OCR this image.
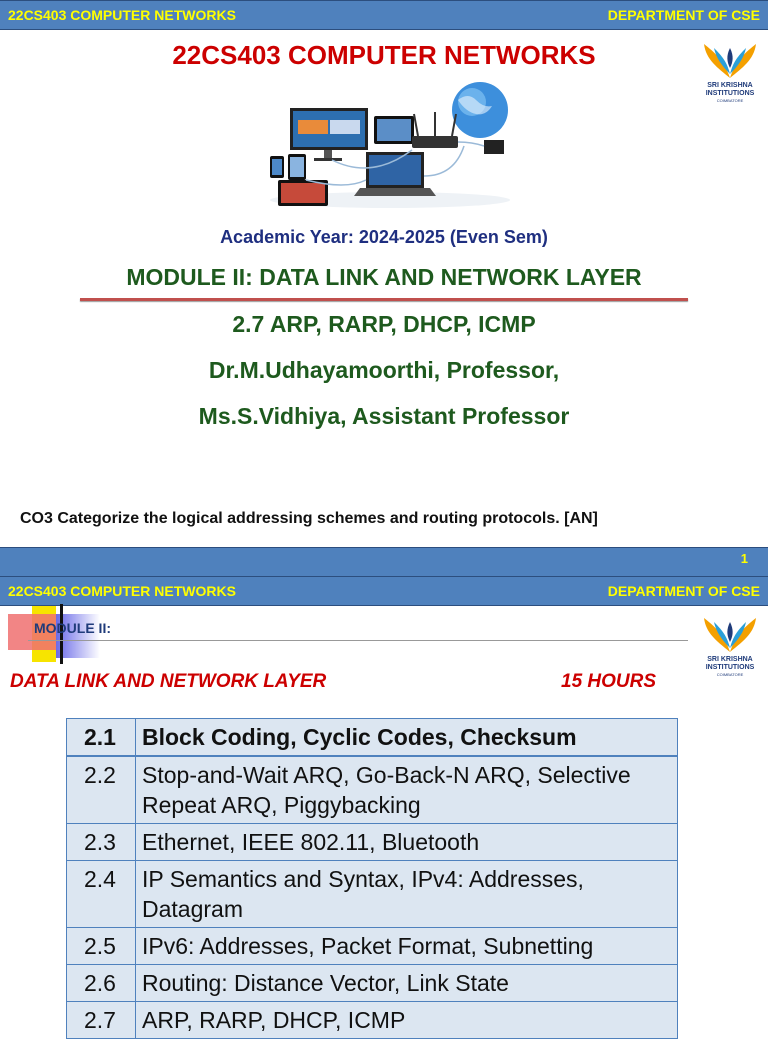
22CS403 COMPUTER NETWORKS	DEPARTMENT OF CSE
22CS403 COMPUTER NETWORKS
SRI KRISHNA
INSTITUTIONS
COIMBATORE
Academic Year: 2024-2025 (Even Sem)
MODULE II: DATA LINK AND NETWORK LAYER
2.7 ARP, RARP, DHCP, ICMP
Dr.M.Udhayamoorthi, Professor,
Ms.S.Vidhiya, Assistant Professor
CO3 Categorize the logical addressing schemes and routing protocols. [AN]
1
22CS403 COMPUTER NETWORKS	DEPARTMENT OF CSE
MODULE II:
SRI KRISHNA
INSTITUTIONS
COIMBATORE
DATA LINK AND NETWORK LAYER	15 HOURS
2.1	Block Coding, Cyclic Codes, Checksum
2.2	Stop-and-Wait ARQ, Go-Back-N ARQ, Selective Repeat ARQ, Piggybacking
2.3	Ethernet, IEEE 802.11, Bluetooth
2.4	IP Semantics and Syntax, IPv4: Addresses, Datagram
2.5	IPv6: Addresses, Packet Format, Subnetting
2.6	Routing: Distance Vector, Link State
2.7	ARP, RARP, DHCP, ICMP
